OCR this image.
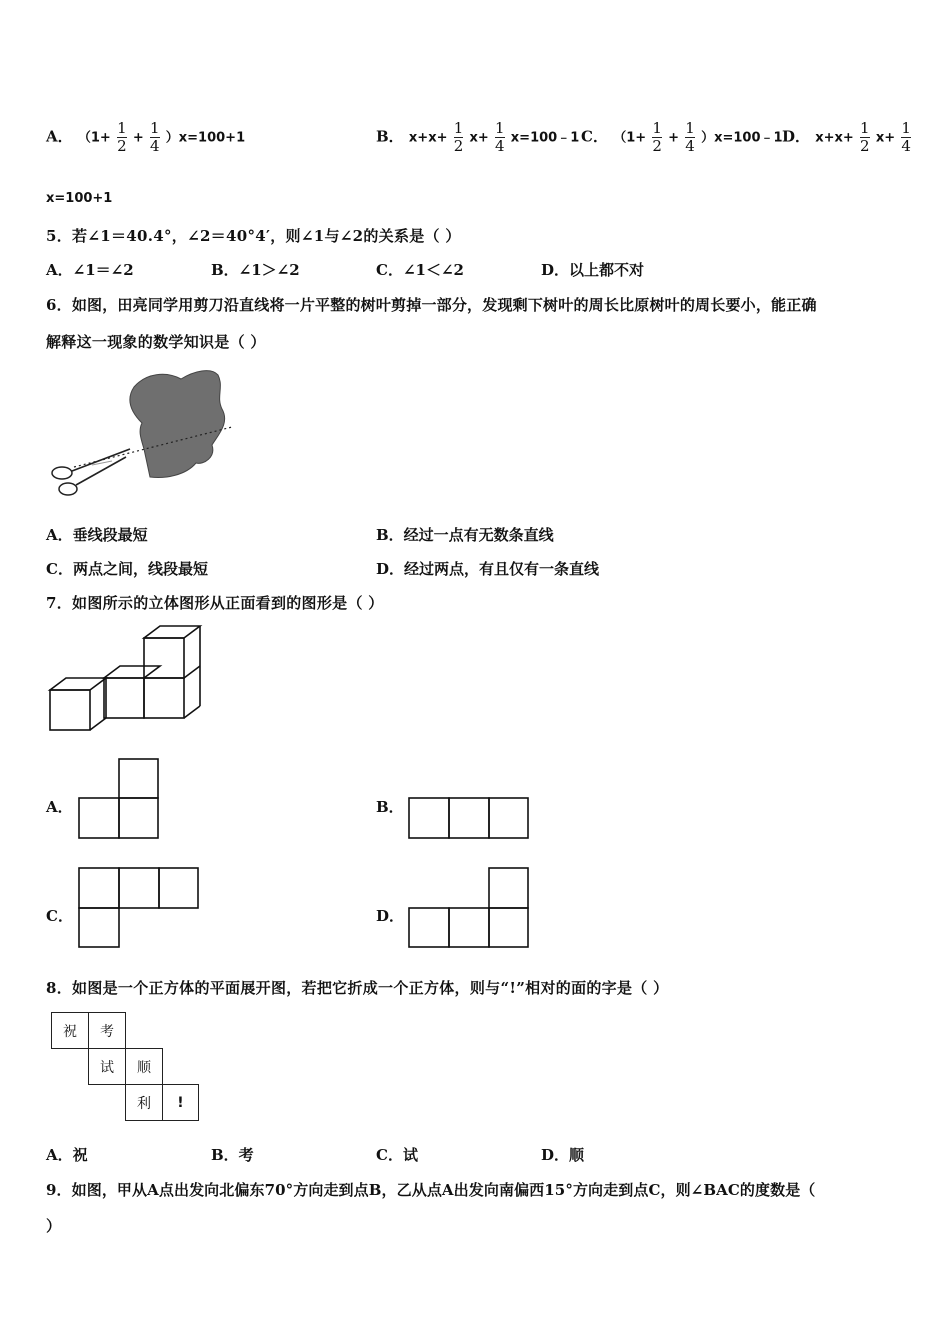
A． $(1+ \frac{1}{2} + \frac{1}{4} )x=100+1$	B． $x+x+ \frac{1}{2} x+ \frac{1}{4}$ x=100﹣1 C． （$1+ \frac{1}{2} + \frac{1}{4}$ ）x=100﹣1 D． $x+x+ \frac{1}{2} x+ \frac{1}{4}$
x=100+1
5．若∠1＝40.4°，∠2＝40°4′，则∠1与∠2的关系是（ ）
A．∠1＝∠2	B．∠1＞∠2	C．∠1＜∠2	D．以上都不对
6．如图，田亮同学用剪刀沿直线将一片平整的树叶剪掉一部分，发现剩下树叶的周长比原树叶的周长要小，能正确
解释这一现象的数学知识是（ ）
A．垂线段最短	B．经过一点有无数条直线
C．两点之间，线段最短	D．经过两点，有且仅有一条直线
7．如图所示的立体图形从正面看到的图形是（ ）
A．	B．
C．	D．
8．如图是一个正方体的平面展开图，若把它折成一个正方体，则与“!”相对的面的字是（ ）
祝 考
试 顺
利 !
A．祝	B．考	C．试	D．顺
9．如图，甲从A点出发向北偏东70°方向走到点B，乙从点A出发向南偏西15°方向走到点C，则∠BAC的度数是（
）
